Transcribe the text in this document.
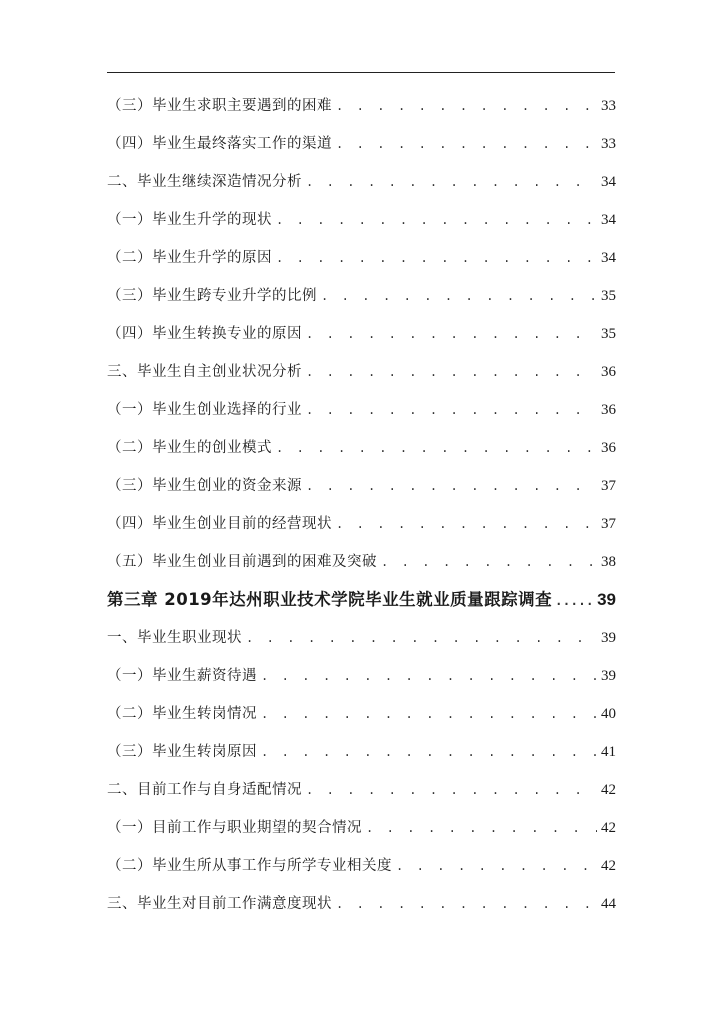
（三）毕业生求职主要遇到的困难 . . .	33
（四）毕业生最终落实工作的渠道 . . .	33
二、毕业生继续深造情况分析 . . .	34
（一）毕业生升学的现状 . . .	34
（二）毕业生升学的原因 . . .	34
（三）毕业生跨专业升学的比例 . . .	35
（四）毕业生转换专业的原因 . . .	35
三、毕业生自主创业状况分析 . . .	36
（一）毕业生创业选择的行业 . . .	36
（二）毕业生的创业模式 . . .	36
（三）毕业生创业的资金来源 . . .	37
（四）毕业生创业目前的经营现状 . . .	37
（五）毕业生创业目前遇到的困难及突破 . . .	38
第三章 2019年达州职业技术学院毕业生就业质量跟踪调查 .....	39
一、毕业生职业现状 . . .	39
（一）毕业生薪资待遇 . . .	39
（二）毕业生转岗情况 . . .	40
（三）毕业生转岗原因 . . .	41
二、目前工作与自身适配情况 . . .	42
（一）目前工作与职业期望的契合情况 . . .	42
（二）毕业生所从事工作与所学专业相关度 . . .	42
三、毕业生对目前工作满意度现状 . . .	44
